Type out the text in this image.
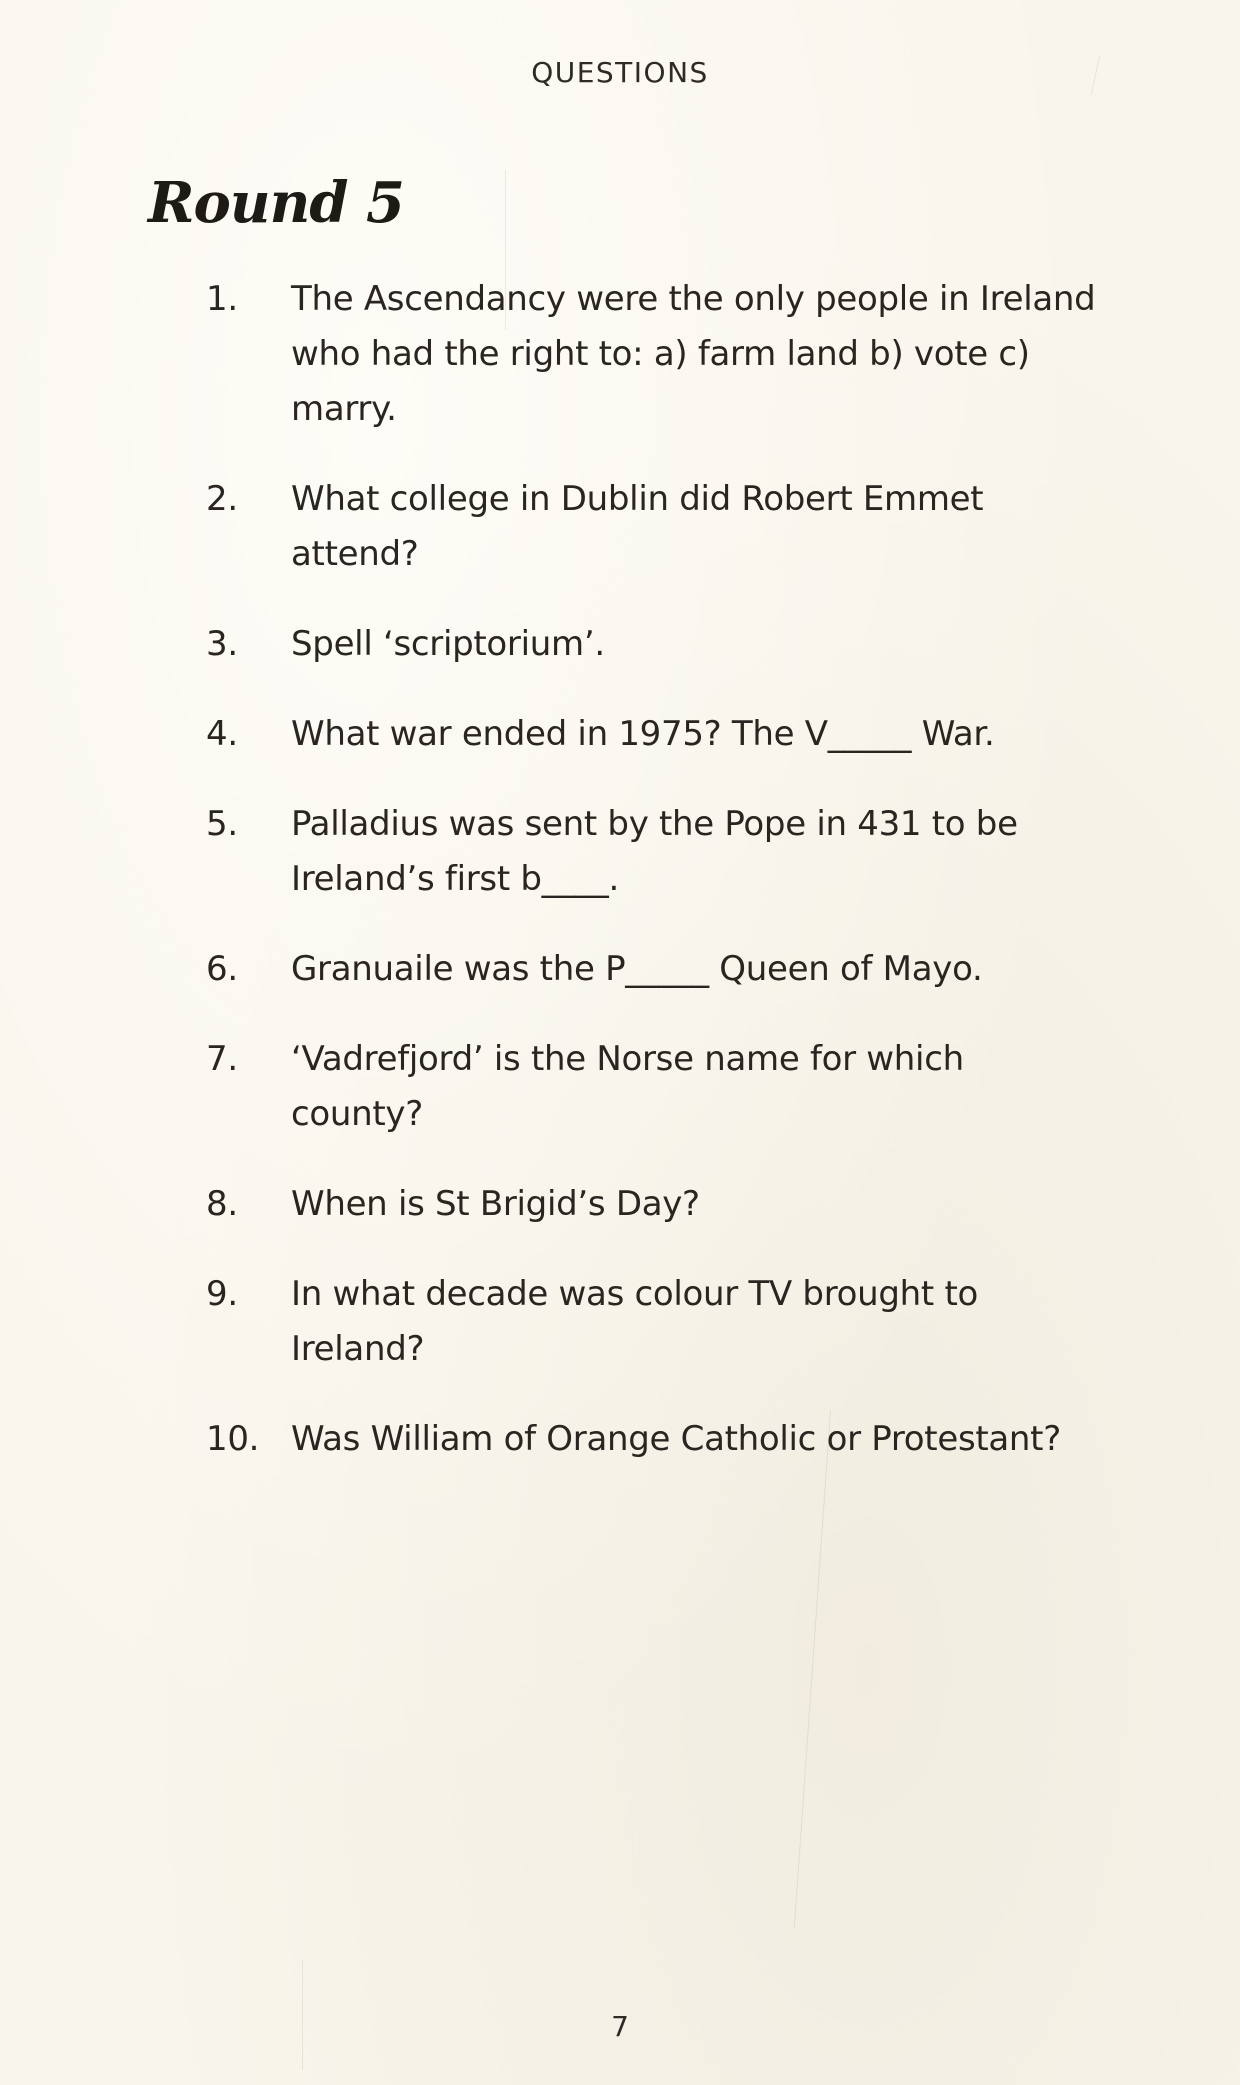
QUESTIONS
Round 5
1.	The Ascendancy were the only people in Ireland who had the right to: a) farm land b) vote c) marry.
2.	What college in Dublin did Robert Emmet attend?
3.	Spell ‘scriptorium’.
4.	What war ended in 1975? The V_____ War.
5.	Palladius was sent by the Pope in 431 to be Ireland’s first b____.
6.	Granuaile was the P_____ Queen of Mayo.
7.	‘Vadrefjord’ is the Norse name for which county?
8.	When is St Brigid’s Day?
9.	In what decade was colour TV brought to Ireland?
10. Was William of Orange Catholic or Protestant?
7
